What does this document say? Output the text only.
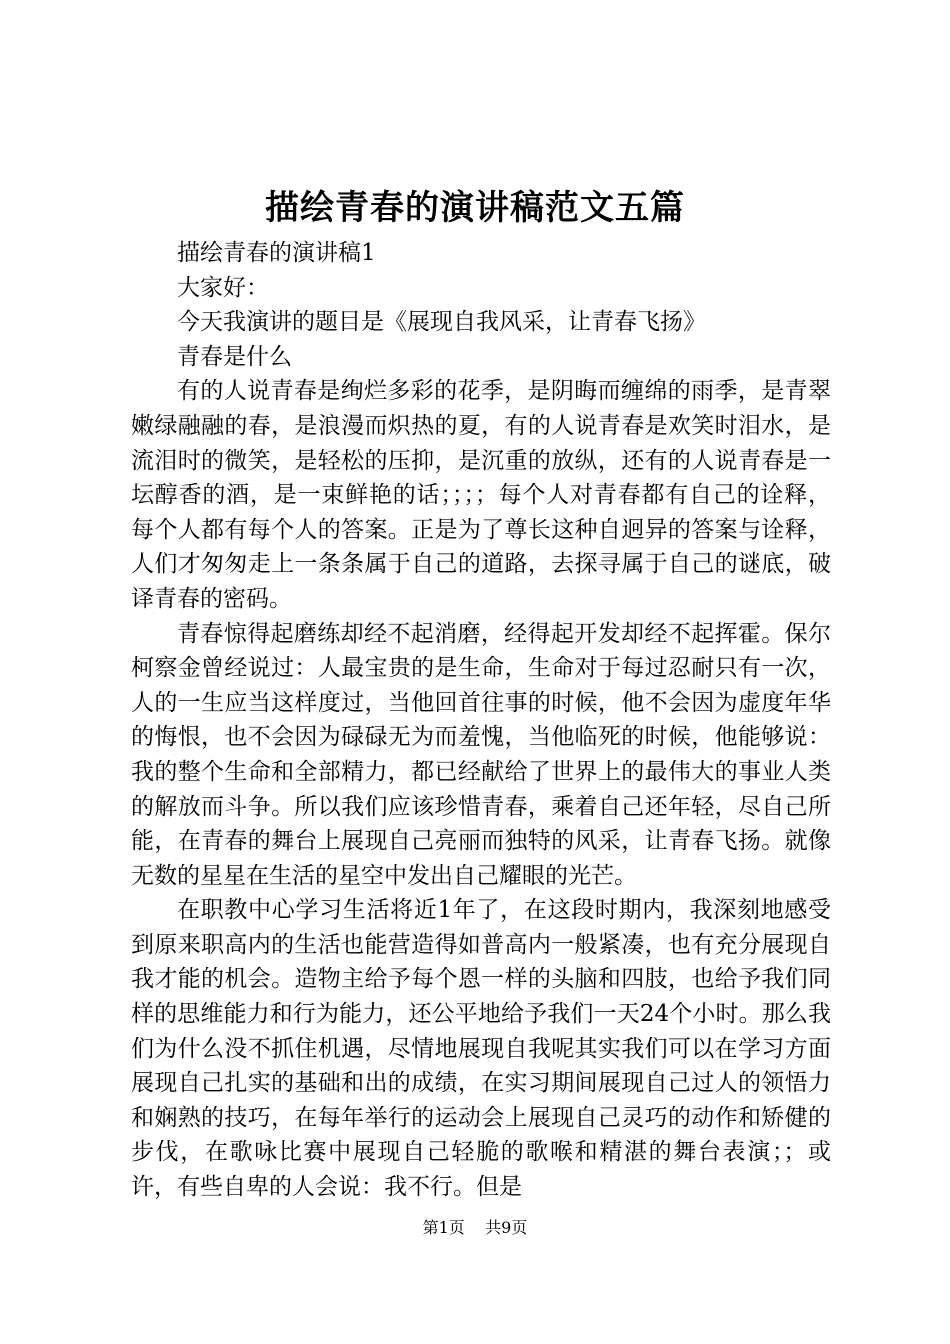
描绘青春的演讲稿范文五篇

描绘青春的演讲稿1

大家好：

今天我演讲的题目是《展现自我风采，让青春飞扬》

青春是什么

有的人说青春是绚烂多彩的花季，是阴晦而缠绵的雨季，是青翠嫩绿融融的春，是浪漫而炽热的夏，有的人说青春是欢笑时泪水，是流泪时的微笑，是轻松的压抑，是沉重的放纵，还有的人说青春是一坛醇香的酒，是一束鲜艳的话；；；；每个人对青春都有自己的诠释，每个人都有每个人的答案。正是为了尊长这种自迥异的答案与诠释，人们才匆匆走上一条条属于自己的道路，去探寻属于自己的谜底，破译青春的密码。

青春惊得起磨练却经不起消磨，经得起开发却经不起挥霍。保尔柯察金曾经说过：人最宝贵的是生命，生命对于每过忍耐只有一次，人的一生应当这样度过，当他回首往事的时候，他不会因为虚度年华的悔恨，也不会因为碌碌无为而羞愧，当他临死的时候，他能够说：我的整个生命和全部精力，都已经献给了世界上的最伟大的事业人类的解放而斗争。所以我们应该珍惜青春，乘着自己还年轻，尽自己所能，在青春的舞台上展现自己亮丽而独特的风采，让青春飞扬。就像无数的星星在生活的星空中发出自己耀眼的光芒。

在职教中心学习生活将近1年了，在这段时期内，我深刻地感受到原来职高内的生活也能营造得如普高内一般紧凑，也有充分展现自我才能的机会。造物主给予每个恩一样的头脑和四肢，也给予我们同样的思维能力和行为能力，还公平地给予我们一天24个小时。那么我们为什么没不抓住机遇，尽情地展现自我呢其实我们可以在学习方面展现自己扎实的基础和出的成绩，在实习期间展现自己过人的领悟力和娴熟的技巧，在每年举行的运动会上展现自己灵巧的动作和矫健的步伐，在歌咏比赛中展现自己轻脆的歌喉和精湛的舞台表演；；或许，有些自卑的人会说：我不行。但是

第1页 共9页
